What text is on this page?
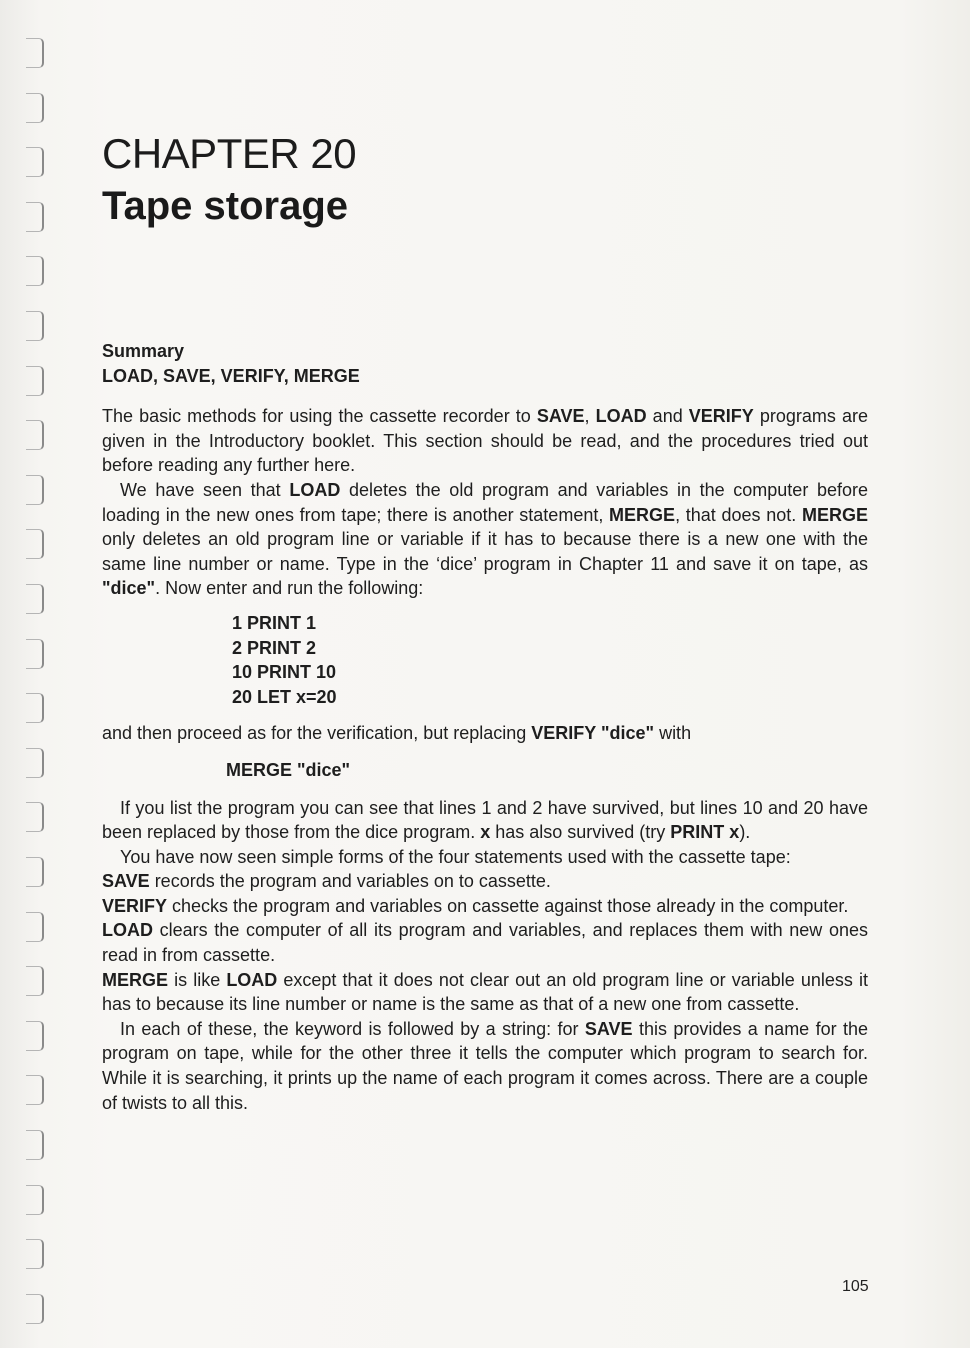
CHAPTER 20
Tape storage
Summary
LOAD, SAVE, VERIFY, MERGE

The basic methods for using the cassette recorder to SAVE, LOAD and VERIFY programs are given in the Introductory booklet. This section should be read, and the procedures tried out before reading any further here.

We have seen that LOAD deletes the old program and variables in the computer before loading in the new ones from tape; there is another statement, MERGE, that does not. MERGE only deletes an old program line or variable if it has to because there is a new one with the same line number or name. Type in the ‘dice’ program in Chapter 11 and save it on tape, as "dice". Now enter and run the following:

1 PRINT 1
2 PRINT 2
10 PRINT 10
20 LET x=20

and then proceed as for the verification, but replacing VERIFY "dice" with

MERGE "dice"

If you list the program you can see that lines 1 and 2 have survived, but lines 10 and 20 have been replaced by those from the dice program. x has also survived (try PRINT x).

You have now seen simple forms of the four statements used with the cassette tape:

SAVE records the program and variables on to cassette.

VERIFY checks the program and variables on cassette against those already in the computer.

LOAD clears the computer of all its program and variables, and replaces them with new ones read in from cassette.

MERGE is like LOAD except that it does not clear out an old program line or variable unless it has to because its line number or name is the same as that of a new one from cassette.

In each of these, the keyword is followed by a string: for SAVE this provides a name for the program on tape, while for the other three it tells the computer which program to search for. While it is searching, it prints up the name of each program it comes across. There are a couple of twists to all this.

105
